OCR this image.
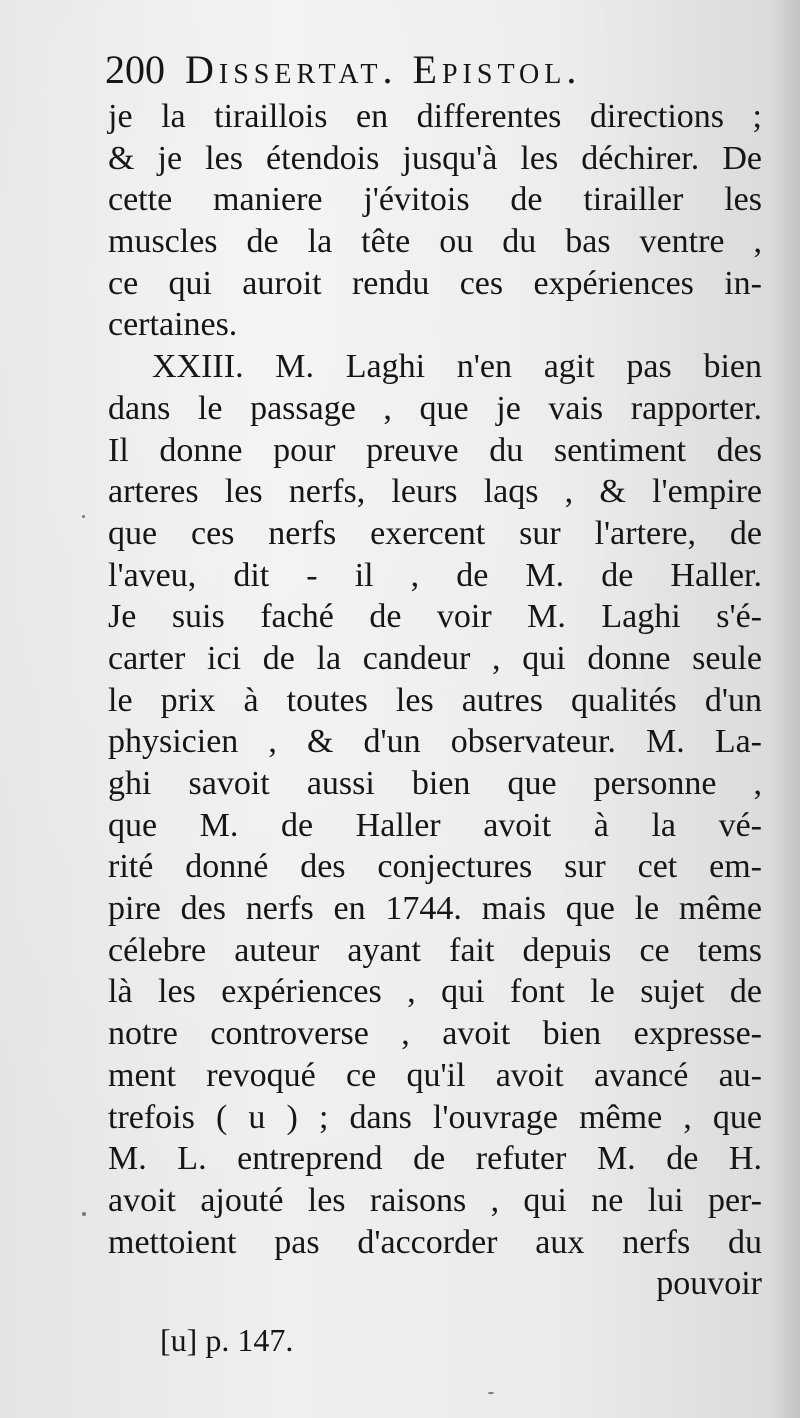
200 Dissertat. Epistol.
je la tiraillois en differentes directions ;
& je les étendois jusqu'à les déchirer. De
cette maniere j'évitois de tirailler les
muscles de la tête ou du bas ventre ,
ce qui auroit rendu ces expériences in-
certaines.
XXIII. M. Laghi n'en agit pas bien
dans le passage , que je vais rapporter.
Il donne pour preuve du sentiment des
arteres les nerfs, leurs laqs , & l'empire
que ces nerfs exercent sur l'artere, de
l'aveu, dit - il , de M. de Haller.
Je suis faché de voir M. Laghi s'é-
carter ici de la candeur , qui donne seule
le prix à toutes les autres qualités d'un
physicien , & d'un observateur. M. La-
ghi savoit aussi bien que personne ,
que M. de Haller avoit à la vé-
rité donné des conjectures sur cet em-
pire des nerfs en 1744. mais que le même
célebre auteur ayant fait depuis ce tems
là les expériences , qui font le sujet de
notre controverse , avoit bien expresse-
ment revoqué ce qu'il avoit avancé au-
trefois ( u ) ; dans l'ouvrage même , que
M. L. entreprend de refuter M. de H.
avoit ajouté les raisons , qui ne lui per-
mettoient pas d'accorder aux nerfs du
pouvoir
[u] p. 147.
